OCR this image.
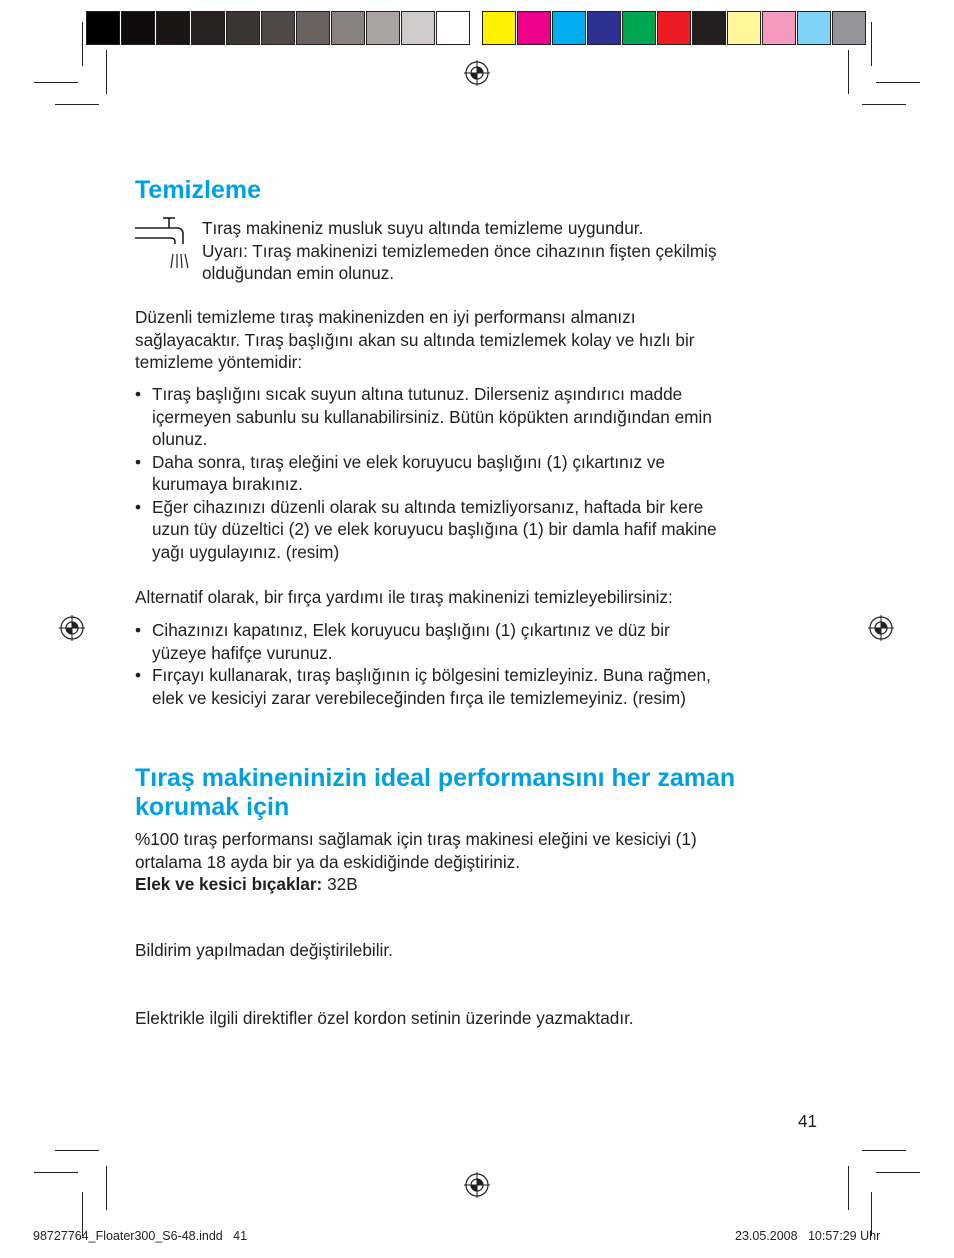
Temizleme

Tıraş makineniz musluk suyu altında temizleme uygundur.
Uyarı: Tıraş makinenizi temizlemeden önce cihazının fişten çekilmiş
olduğundan emin olunuz.

Düzenli temizleme tıraş makinenizden en iyi performansı almanızı
sağlayacaktır. Tıraş başlığını akan su altında temizlemek kolay ve hızlı bir
temizleme yöntemidir:

• Tıraş başlığını sıcak suyun altına tutunuz. Dilerseniz aşındırıcı madde
içermeyen sabunlu su kullanabilirsiniz. Bütün köpükten arındığından emin
olunuz.
• Daha sonra, tıraş eleğini ve elek koruyucu başlığını (1) çıkartınız ve
kurumaya bırakınız.
• Eğer cihazınızı düzenli olarak su altında temizliyorsanız, haftada bir kere
uzun tüy düzeltici (2) ve elek koruyucu başlığına (1) bir damla hafif makine
yağı uygulayınız. (resim)

Alternatif olarak, bir fırça yardımı ile tıraş makinenizi temizleyebilirsiniz:

• Cihazınızı kapatınız, Elek koruyucu başlığını (1) çıkartınız ve düz bir
yüzeye hafifçe vurunuz.
• Fırçayı kullanarak, tıraş başlığının iç bölgesini temizleyiniz. Buna rağmen,
elek ve kesiciyi zarar verebileceğinden fırça ile temizlemeyiniz. (resim)
Tıraş makineninizin ideal performansını her zaman
korumak için

%100 tıraş performansı sağlamak için tıraş makinesi eleğini ve kesiciyi (1)
ortalama 18 ayda bir ya da eskidiğinde değiştiriniz.
Elek ve kesici bıçaklar: 32B

Bildirim yapılmadan değiştirilebilir.

Elektrikle ilgili direktifler özel kordon setinin üzerinde yazmaktadır.

41
98727764_Floater300_S6-48.indd   41	23.05.2008   10:57:29 Uhr
